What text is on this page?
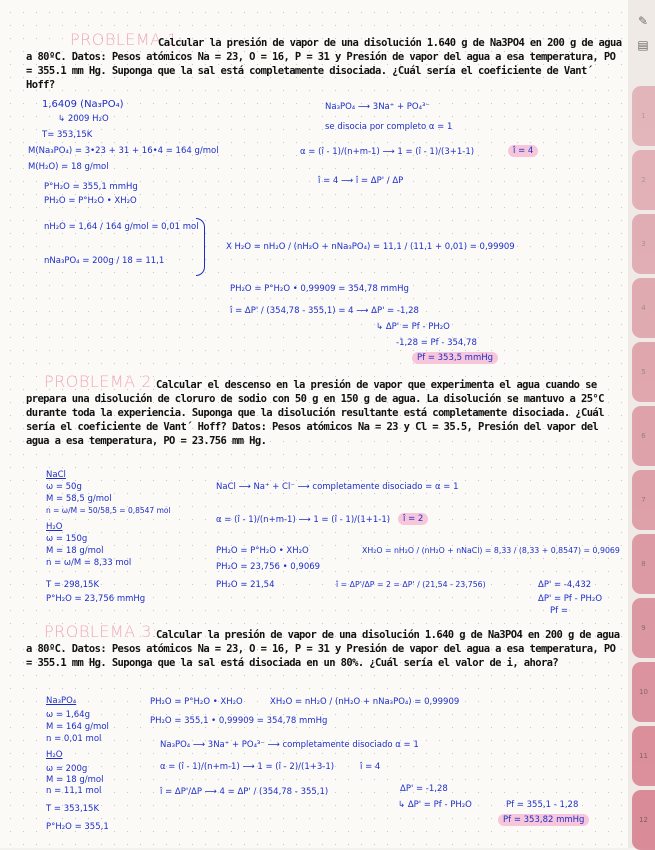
PROBLEMA 1:
Calcular la presión de vapor de una disolución 1.640 g de Na3PO4 en 200 g de agua a 80ºC. Datos: Pesos atómicos Na = 23, O = 16, P = 31 y Presión de vapor del agua a esa temperatura, PO = 355.1 mm Hg. Suponga que la sal está completamente disociada. ¿Cuál sería el coeficiente de Vant´ Hoff?
1,6409 (Na₃PO₄)
↳ 2009 H₂O
T= 353,15K
M(Na₃PO₄) = 3•23 + 31 + 16•4 = 164 g/mol
M(H₂O) = 18 g/mol
P°H₂O = 355,1 mmHg
PH₂O = P°H₂O • XH₂O
nH₂O = 1,64 / 164 g/mol = 0,01 mol
nNa₃PO₄ = 200g / 18 = 11,1
Na₃PO₄ ⟶ 3Na⁺ + PO₄³⁻
se disocia por completo α = 1
α = (î - 1)/(n+m-1) ⟶ 1 = (î - 1)/(3+1-1)	î = 4
î = 4 ⟶ î = ΔP' / ΔP
X H₂O = nH₂O / (nH₂O + nNa₃PO₄) = 11,1 / (11,1 + 0,01) = 0,99909
PH₂O = P°H₂O • 0,99909 = 354,78 mmHg
î = ΔP' / (354,78 - 355,1) = 4 ⟶ ΔP' = -1,28
↳ ΔP' = Pf - PH₂O
-1,28 = Pf - 354,78
Pf = 353,5 mmHg
PROBLEMA 2:
Calcular el descenso en la presión de vapor que experimenta el agua cuando se prepara una disolución de cloruro de sodio con 50 g en 150 g de agua. La disolución se mantuvo a 25°C durante toda la experiencia. Suponga que la disolución resultante está completamente disociada. ¿Cuál sería el coeficiente de Vant´ Hoff? Datos: Pesos atómicos Na = 23 y Cl = 35.5, Presión del vapor del agua a esa temperatura, PO = 23.756 mm Hg.
NaCl
ω = 50g
M = 58,5 g/mol
n = ω/M = 50/58,5 = 0,8547 mol
H₂O
ω = 150g
M = 18 g/mol
n = ω/M = 8,33 mol
T = 298,15K
P°H₂O = 23,756 mmHg
NaCl ⟶ Na⁺ + Cl⁻ ⟶ completamente disociado = α = 1
α = (î - 1)/(n+m-1) ⟶ 1 = (î - 1)/(1+1-1)	î = 2
PH₂O = P°H₂O • XH₂O	XH₂O = nH₂O / (nH₂O + nNaCl) = 8,33 / (8,33 + 0,8547) = 0,9069
PH₂O = 23,756 • 0,9069
PH₂O = 21,54	î = ΔP'/ΔP = 2 = ΔP' / (21,54 - 23,756)	ΔP' = -4,432
ΔP' = Pf - PH₂O
Pf =
PROBLEMA 3:
Calcular la presión de vapor de una disolución 1.640 g de Na3PO4 en 200 g de agua a 80ºC. Datos: Pesos atómicos Na = 23, O = 16, P = 31 y Presión de vapor del agua a esa temperatura, PO = 355.1 mm Hg. Suponga que la sal está disociada en un 80%. ¿Cuál sería el valor de i, ahora?
Na₃PO₄
ω = 1,64g
M = 164 g/mol
n = 0,01 mol
H₂O
ω = 200g
M = 18 g/mol
n = 11,1 mol
T = 353,15K
P°H₂O = 355,1
PH₂O = P°H₂O • XH₂O	XH₂O = nH₂O / (nH₂O + nNa₃PO₄) = 0,99909
PH₂O = 355,1 • 0,99909 = 354,78 mmHg
Na₃PO₄ ⟶ 3Na⁺ + PO₄³⁻ ⟶ completamente disociado α = 1
α = (î - 1)/(n+m-1) ⟶ 1 = (î - 2)/(1+3-1)	î = 4
î = ΔP'/ΔP ⟶ 4 = ΔP' / (354,78 - 355,1)	ΔP' = -1,28
↳ ΔP' = Pf - PH₂O	Pf = 355,1 - 1,28
Pf = 353,82 mmHg
✎
▤
1
2
3
4
5
6
7
8
9
10
11
12
